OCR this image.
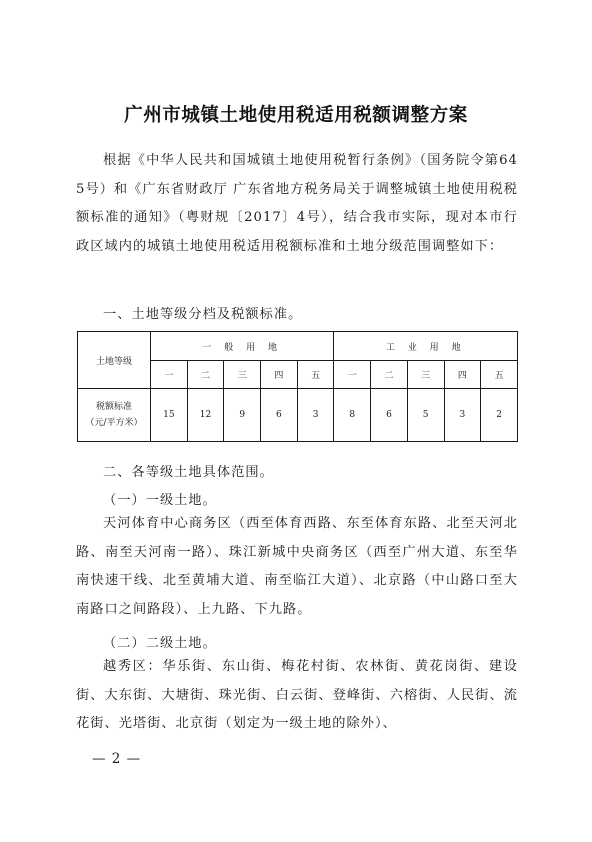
广州市城镇土地使用税适用税额调整方案
根据《中华人民共和国城镇土地使用税暂行条例》（国务院令第645号）和《广东省财政厅 广东省地方税务局关于调整城镇土地使用税税额标准的通知》（粤财规〔2017〕4号），结合我市实际，现对本市行政区域内的城镇土地使用税适用税额标准和土地分级范围调整如下：
一、土地等级分档及税额标准。
土地等级	一 般 用 地					工 业 用 地				
	一	二	三	四	五	一	二	三	四	五

税额标准
（元/平方米）	15	12	9	6	3	8	6	5	3	2
二、各等级土地具体范围。
（一）一级土地。
天河体育中心商务区（西至体育西路、东至体育东路、北至天河北路、南至天河南一路）、珠江新城中央商务区（西至广州大道、东至华南快速干线、北至黄埔大道、南至临江大道）、北京路（中山路口至大南路口之间路段）、上九路、下九路。
（二）二级土地。
越秀区：华乐街、东山街、梅花村街、农林街、黄花岗街、建设街、大东街、大塘街、珠光街、白云街、登峰街、六榕街、人民街、流花街、光塔街、北京街（划定为一级土地的除外）、
— 2 —
